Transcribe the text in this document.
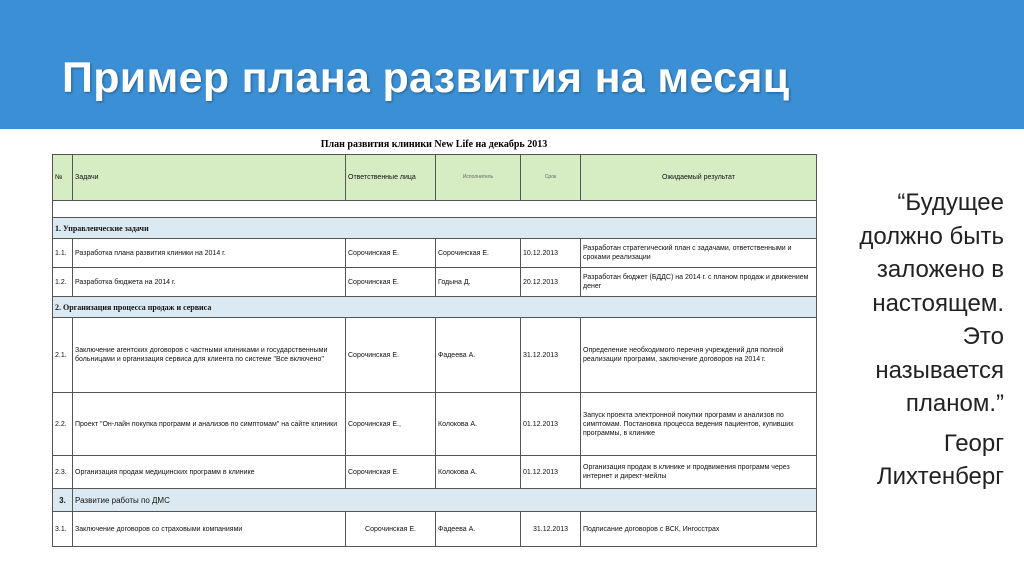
Пример плана развития на месяц
План развития клиники New Life на декабрь 2013
№	Задачи	Ответственные лица	Исполнитель	Срок	Ожидаемый результат

1. Управленческие задачи					
1.1.	Разработка плана развития клиники на 2014 г.	Сорочинская Е.	Сорочинская Е.	10.12.2013	Разработан стратегический план с задачами, ответственными и сроками реализации
1.2.	Разработка бюджета на 2014 г.	Сорочинская Е.	Годына Д.	20.12.2013	Разработан бюджет (БДДС) на 2014 г. с планом продаж и движением денег
2. Организация процесса продаж и сервиса					
2.1.	Заключение агентских договоров с частными клиниками и государственными больницами и организация сервиса для клиента по системе "Все включено"	Сорочинская Е.	Фадеева А.	31.12.2013	Определение необходимого перечня учреждений для полной реализации программ, заключение договоров на 2014 г.
2.2.	Проект "Он-лайн покупка программ и анализов по симптомам" на сайте клиники	Сорочинская Е.,	Колокова А.	01.12.2013	Запуск проекта электронной покупки программ и анализов по симптомам. Постановка процесса ведения пациентов, купивших программы, в клинике
2.3.	Организация продаж медицинских программ в клинике	Сорочинская Е.	Колокова А.	01.12.2013	Организация продаж в клинике и продвижения программ через интернет и директ-мейлы
3.	Развитие работы по ДМС				
3.1.	Заключение договоров со страховыми компаниями	Сорочинская Е.	Фадеева А.	31.12.2013	Подписание договоров с ВСК, Ингосстрах
“Будущее
должно быть
заложено в
настоящем.
Это
называется
планом.”
Георг
Лихтенберг
